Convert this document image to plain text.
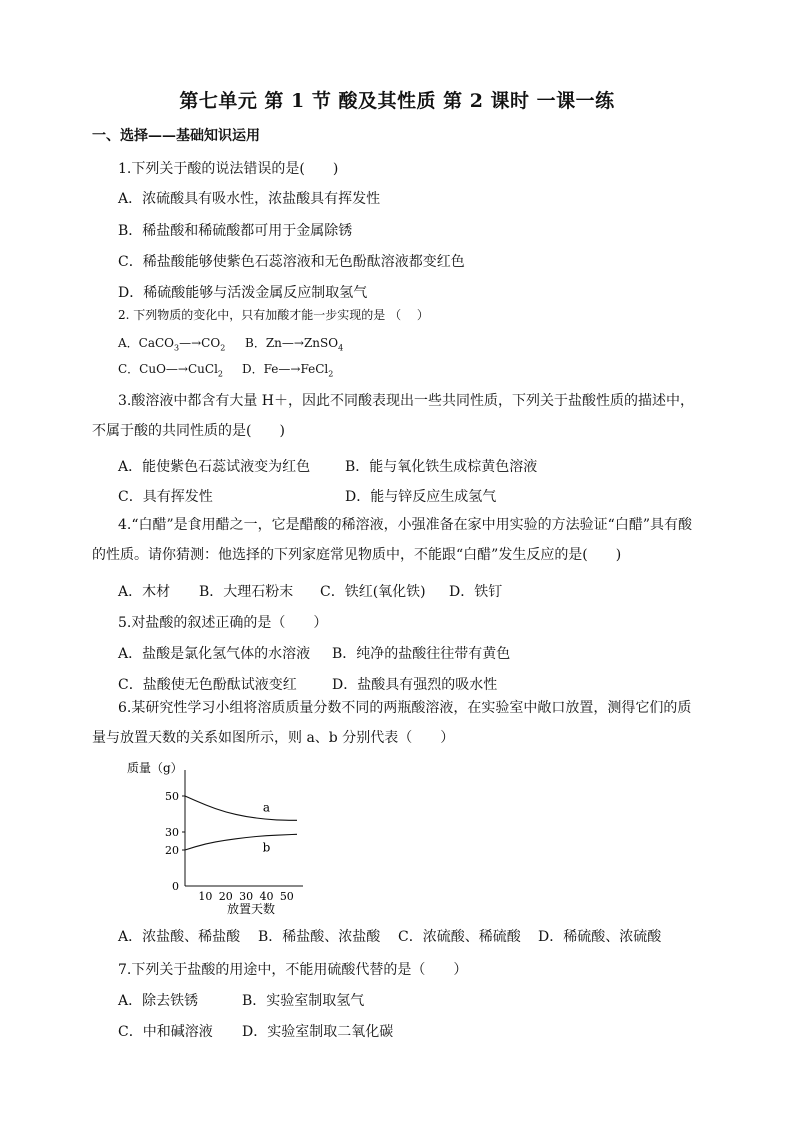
第七单元 第 1 节 酸及其性质 第 2 课时 一课一练
一、选择——基础知识运用
1.下列关于酸的说法错误的是(　　)
A．浓硫酸具有吸水性，浓盐酸具有挥发性
B．稀盐酸和稀硫酸都可用于金属除锈
C．稀盐酸能够使紫色石蕊溶液和无色酚酞溶液都变红色
D．稀硫酸能够与活泼金属反应制取氢气
2. 下列物质的变化中，只有加酸才能一步实现的是 （　 ）
A．$CaCO_3—\to CO_2$ B．Zn—→ZnSO$_4$
C．CuO—→CuCl$_2$ D．Fe—→FeCl$_2$
3.酸溶液中都含有大量 H＋，因此不同酸表现出一些共同性质，下列关于盐酸性质的描述中，不属于酸的共同性质的是(　　)
A．能使紫色石蕊试液变为红色 B．能与氧化铁生成棕黄色溶液
C．具有挥发性	D．能与锌反应生成氢气
4.“白醋”是食用醋之一，它是醋酸的稀溶液，小强准备在家中用实验的方法验证“白醋”具有酸的性质。请你猜测：他选择的下列家庭常见物质中，不能跟“白醋”发生反应的是(　　)
A．木材 B．大理石粉末 C．铁红(氧化铁) D．铁钉
5.对盐酸的叙述正确的是（　　）
A．盐酸是氯化氢气体的水溶液 B．纯净的盐酸往往带有黄色
C．盐酸使无色酚酞试液变红	D．盐酸具有强烈的吸水性
6.某研究性学习小组将溶质质量分数不同的两瓶酸溶液，在实验室中敞口放置，测得它们的质量与放置天数的关系如图所示，则 a、b 分别代表（　　）
质量（g）
放置天数
10 20 30 40 50
0
20
30
50
a
b
A．浓盐酸、稀盐酸 B．稀盐酸、浓盐酸 C．浓硫酸、稀硫酸 D．稀硫酸、浓硫酸
7.下列关于盐酸的用途中，不能用硫酸代替的是（　　）
A．除去铁锈	B．实验室制取氢气
C．中和碱溶液 D．实验室制取二氧化碳
